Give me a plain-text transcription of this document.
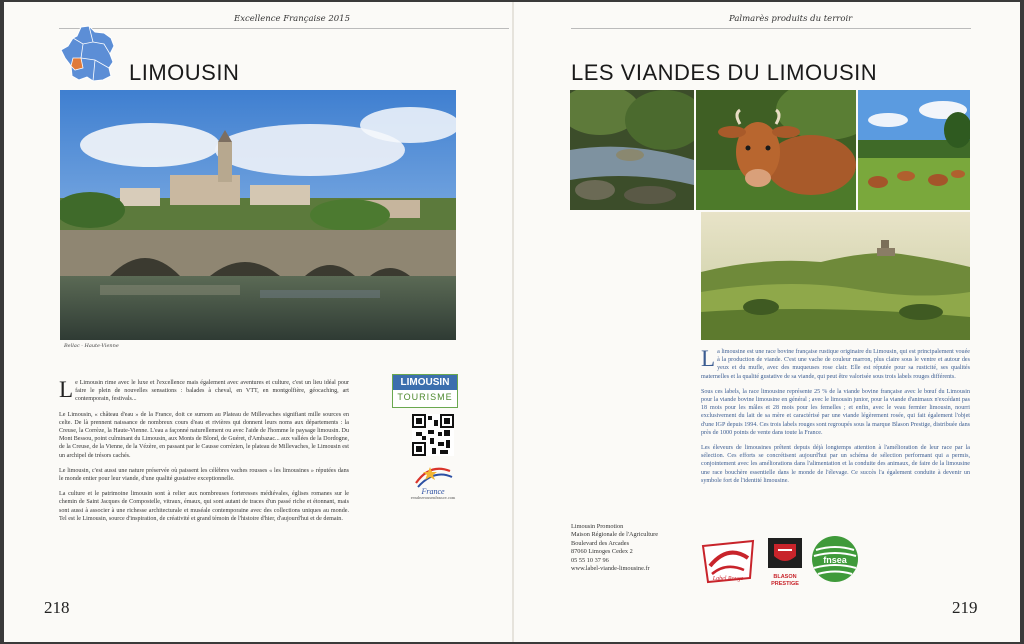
Excellence Française 2015
LIMOUSIN
Bellac - Haute-Vienne

Le Limousin rime avec le luxe et l'excellence mais également avec aventures et culture, c'est un lieu idéal pour faire le plein de nouvelles sensations : balades à cheval, en VTT, en montgolfière, géocaching, art contemporain, festivals...

Le Limousin, « château d'eau » de la France, doit ce surnom au Plateau de Millevaches signifiant mille sources en celte. De là prennent naissance de nombreux cours d'eau et rivières qui donnent leurs noms aux départements : la Creuse, la Corrèze, la Haute-Vienne. L'eau a façonné naturellement ou avec l'aide de l'homme le paysage limousin. Du Mont Bessou, point culminant du Limousin, aux Monts de Blond, de Guéret, d'Ambazac... aux vallées de la Dordogne, de la Creuse, de la Vienne, de la Vézère, en passant par le Causse corrézien, le plateau de Millevaches, le Limousin est un archipel de trésors cachés.

Le limousin, c'est aussi une nature préservée où paissent les célèbres vaches rousses « les limousines » réputées dans le monde entier pour leur viande, d'une qualité gustative exceptionnelle.

La culture et le patrimoine limousin sont à relier aux nombreuses forteresses médiévales, églises romanes sur le chemin de Saint Jacques de Compostelle, vitraux, émaux, qui sont autant de traces d'un passé riche et étonnant, mais sont aussi à associer à une richesse architecturale et muséale contemporaine avec des collections uniques au monde. Tel est le Limousin, source d'inspiration, de créativité et grand témoin de l'histoire d'hier, d'aujourd'hui et de demain.

LIMOUSIN
TOURISME
France
rendezvousenfrance.com
218
Palmarès produits du terroir
LES VIANDES DU LIMOUSIN

La limousine est une race bovine française rustique originaire du Limousin, qui est principalement vouée à la production de viande. C'est une vache de couleur marron, plus claire sous le ventre et autour des yeux et du mufle, avec des muqueuses rose clair. Elle est réputée pour sa rusticité, ses qualités maternelles et la qualité gustative de sa viande, qui peut être valorisée sous trois labels rouges différents.

Sous ces labels, la race limousine représente 25 % de la viande bovine française avec le bœuf du Limousin pour la viande bovine limousine en général ; avec le limousin junior, pour la viande d'animaux n'excédant pas 18 mois pour les mâles et 28 mois pour les femelles ; et enfin, avec le veau fermier limousin, nourri exclusivement du lait de sa mère et caractérisé par une viande légèrement rosée, qui fait également l'objet d'une IGP depuis 1994. Ces trois labels rouges sont regroupés sous la marque Blason Prestige, distribuée dans près de 1000 points de vente dans toute la France.

Les éleveurs de limousines prêtent depuis déjà longtemps attention à l'amélioration de leur race par la sélection. Ces efforts se concrétisent aujourd'hui par un schéma de sélection performant qui a permis, conjointement avec les améliorations dans l'alimentation et la conduite des animaux, de faire de la limousine une race bouchère essentielle dans le monde de l'élevage. Ce succès l'a également conduite à devenir un symbole fort de l'identité limousine.

Limousin Promotion
Maison Régionale de l'Agriculture
Boulevard des Arcades
87060 Limoges Cedex 2
05 55 10 37 96
www.label-viande-limousine.fr
Label Rouge	BLASON
PRESTIGE
fnsea
219
